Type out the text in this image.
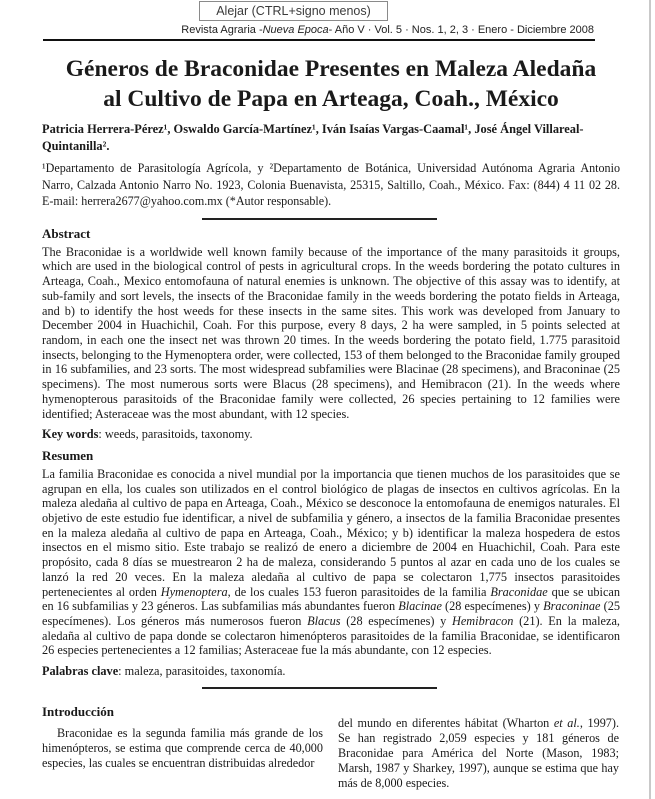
Alejar (CTRL+signo menos)
Revista Agraria -Nueva Epoca- Año V · Vol. 5 · Nos. 1, 2, 3 · Enero - Diciembre 2008
Géneros de Braconidae Presentes en Maleza Aledaña
al Cultivo de Papa en Arteaga, Coah., México
Patricia Herrera-Pérez¹, Oswaldo García-Martínez¹, Iván Isaías Vargas-Caamal¹, José Ángel Villareal-Quintanilla².
¹Departamento de Parasitología Agrícola, y ²Departamento de Botánica, Universidad Autónoma Agraria Antonio Narro, Calzada Antonio Narro No. 1923, Colonia Buenavista, 25315, Saltillo, Coah., México. Fax: (844) 4 11 02 28. E-mail: herrera2677@yahoo.com.mx (*Autor responsable).
Abstract
The Braconidae is a worldwide well known family because of the importance of the many parasitoids it groups, which are used in the biological control of pests in agricultural crops. In the weeds bordering the potato cultures in Arteaga, Coah., Mexico entomofauna of natural enemies is unknown. The objective of this assay was to identify, at sub-family and sort levels, the insects of the Braconidae family in the weeds bordering the potato fields in Arteaga, and b) to identify the host weeds for these insects in the same sites. This work was developed from January to December 2004 in Huachichil, Coah. For this purpose, every 8 days, 2 ha were sampled, in 5 points selected at random, in each one the insect net was thrown 20 times. In the weeds bordering the potato field, 1.775 parasitoid insects, belonging to the Hymenoptera order, were collected, 153 of them belonged to the Braconidae family grouped in 16 subfamilies, and 23 sorts. The most widespread subfamilies were Blacinae (28 specimens), and Braconinae (25 specimens). The most numerous sorts were Blacus (28 specimens), and Hemibracon (21). In the weeds where hymenopterous parasitoids of the Braconidae family were collected, 26 species pertaining to 12 families were identified; Asteraceae was the most abundant, with 12 species.
Key words: weeds, parasitoids, taxonomy.
Resumen
La familia Braconidae es conocida a nivel mundial por la importancia que tienen muchos de los parasitoides que se agrupan en ella, los cuales son utilizados en el control biológico de plagas de insectos en cultivos agrícolas. En la maleza aledaña al cultivo de papa en Arteaga, Coah., México se desconoce la entomofauna de enemigos naturales. El objetivo de este estudio fue identificar, a nivel de subfamilia y género, a insectos de la familia Braconidae presentes en la maleza aledaña al cultivo de papa en Arteaga, Coah., México; y b) identificar la maleza hospedera de estos insectos en el mismo sitio. Este trabajo se realizó de enero a diciembre de 2004 en Huachichil, Coah. Para este propósito, cada 8 días se muestrearon 2 ha de maleza, considerando 5 puntos al azar en cada uno de los cuales se lanzó la red 20 veces. En la maleza aledaña al cultivo de papa se colectaron 1,775 insectos parasitoides pertenecientes al orden Hymenoptera, de los cuales 153 fueron parasitoides de la familia Braconidae que se ubican en 16 subfamilias y 23 géneros. Las subfamilias más abundantes fueron Blacinae (28 especímenes) y Braconinae (25 especímenes). Los géneros más numerosos fueron Blacus (28 especímenes) y Hemibracon (21). En la maleza, aledaña al cultivo de papa donde se colectaron himenópteros parasitoides de la familia Braconidae, se identificaron 26 especies pertenecientes a 12 familias; Asteraceae fue la más abundante, con 12 especies.
Palabras clave: maleza, parasitoides, taxonomía.
Introducción
Braconidae es la segunda familia más grande de los himenópteros, se estima que comprende cerca de 40,000 especies, las cuales se encuentran distribuidas alrededor
del mundo en diferentes hábitat (Wharton et al., 1997). Se han registrado 2,059 especies y 181 géneros de Braconidae para América del Norte (Mason, 1983; Marsh, 1987 y Sharkey, 1997), aunque se estima que hay más de 8,000 especies.
